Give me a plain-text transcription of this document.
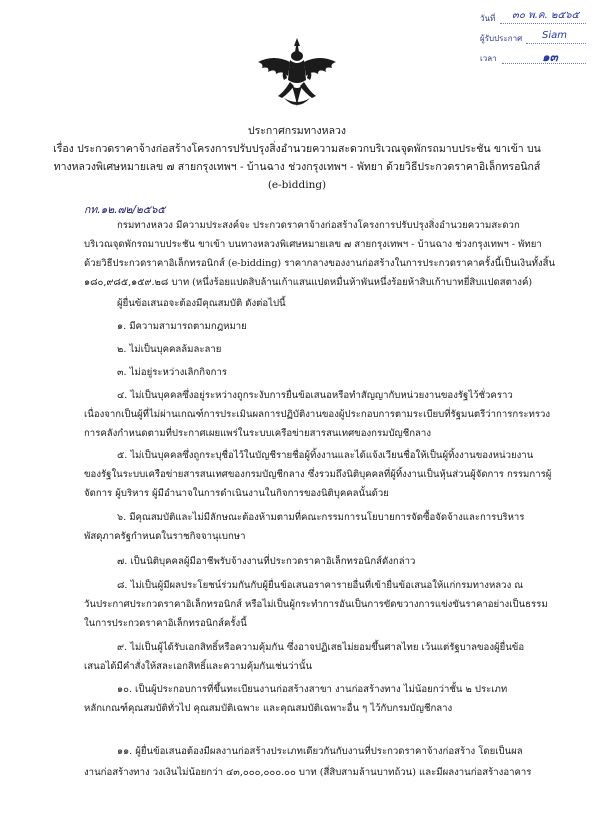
วันที่ ๓๐ พ.ค. ๒๕๖๕
ผู้รับประกาศ Siam
เวลา	๑๓
ประกาศกรมทางหลวง
เรื่อง ประกวดราคาจ้างก่อสร้างโครงการปรับปรุงสิ่งอำนวยความสะดวกบริเวณจุดพักรถมาบประชัน ขาเข้า บน
ทางหลวงพิเศษหมายเลข ๗ สายกรุงเทพฯ - บ้านฉาง ช่วงกรุงเทพฯ - พัทยา ด้วยวิธีประกวดราคาอิเล็กทรอนิกส์
(e-bidding)
กท.๑๒.๗๒/๒๕๖๕
กรมทางหลวง มีความประสงค์จะ ประกวดราคาจ้างก่อสร้างโครงการปรับปรุงสิ่งอำนวยความสะดวก
บริเวณจุดพักรถมาบประชัน ขาเข้า บนทางหลวงพิเศษหมายเลข ๗ สายกรุงเทพฯ - บ้านฉาง ช่วงกรุงเทพฯ - พัทยา
ด้วยวิธีประกวดราคาอิเล็กทรอนิกส์ (e-bidding) ราคากลางของงานก่อสร้างในการประกวดราคาครั้งนี้เป็นเงินทั้งสิ้น
๑๘๐,๙๘๕,๑๕๙.๒๘ บาท (หนึ่งร้อยแปดสิบล้านเก้าแสนแปดหมื่นห้าพันหนึ่งร้อยห้าสิบเก้าบาทยี่สิบแปดสตางค์)
ผู้ยื่นข้อเสนอจะต้องมีคุณสมบัติ ดังต่อไปนี้
๑. มีความสามารถตามกฎหมาย
๒. ไม่เป็นบุคคลล้มละลาย
๓. ไม่อยู่ระหว่างเลิกกิจการ
๔. ไม่เป็นบุคคลซึ่งอยู่ระหว่างถูกระงับการยื่นข้อเสนอหรือทำสัญญากับหน่วยงานของรัฐไว้ชั่วคราว
เนื่องจากเป็นผู้ที่ไม่ผ่านเกณฑ์การประเมินผลการปฏิบัติงานของผู้ประกอบการตามระเบียบที่รัฐมนตรีว่าการกระทรวง
การคลังกำหนดตามที่ประกาศเผยแพร่ในระบบเครือข่ายสารสนเทศของกรมบัญชีกลาง
๕. ไม่เป็นบุคคลซึ่งถูกระบุชื่อไว้ในบัญชีรายชื่อผู้ทิ้งงานและได้แจ้งเวียนชื่อให้เป็นผู้ทิ้งงานของหน่วยงาน
ของรัฐในระบบเครือข่ายสารสนเทศของกรมบัญชีกลาง ซึ่งรวมถึงนิติบุคคลที่ผู้ทิ้งงานเป็นหุ้นส่วนผู้จัดการ กรรมการผู้
จัดการ ผู้บริหาร ผู้มีอำนาจในการดำเนินงานในกิจการของนิติบุคคลนั้นด้วย
๖. มีคุณสมบัติและไม่มีลักษณะต้องห้ามตามที่คณะกรรมการนโยบายการจัดซื้อจัดจ้างและการบริหาร
พัสดุภาครัฐกำหนดในราชกิจจานุเบกษา
๗. เป็นนิติบุคคลผู้มีอาชีพรับจ้างงานที่ประกวดราคาอิเล็กทรอนิกส์ดังกล่าว
๘. ไม่เป็นผู้มีผลประโยชน์ร่วมกันกับผู้ยื่นข้อเสนอราคารายอื่นที่เข้ายื่นข้อเสนอให้แก่กรมทางหลวง ณ
วันประกาศประกวดราคาอิเล็กทรอนิกส์ หรือไม่เป็นผู้กระทำการอันเป็นการขัดขวางการแข่งขันราคาอย่างเป็นธรรม
ในการประกวดราคาอิเล็กทรอนิกส์ครั้งนี้
๙. ไม่เป็นผู้ได้รับเอกสิทธิ์หรือความคุ้มกัน ซึ่งอาจปฏิเสธไม่ยอมขึ้นศาลไทย เว้นแต่รัฐบาลของผู้ยื่นข้อ
เสนอได้มีคำสั่งให้สละเอกสิทธิ์และความคุ้มกันเช่นว่านั้น
๑๐. เป็นผู้ประกอบการที่ขึ้นทะเบียนงานก่อสร้างสาขา งานก่อสร้างทาง ไม่น้อยกว่าชั้น ๒ ประเภท
หลักเกณฑ์คุณสมบัติทั่วไป คุณสมบัติเฉพาะ และคุณสมบัติเฉพาะอื่น ๆ ไว้กับกรมบัญชีกลาง
๑๑. ผู้ยื่นข้อเสนอต้องมีผลงานก่อสร้างประเภทเดียวกันกับงานที่ประกวดราคาจ้างก่อสร้าง โดยเป็นผล
งานก่อสร้างทาง วงเงินไม่น้อยกว่า ๔๓,๐๐๐,๐๐๐.๐๐ บาท (สี่สิบสามล้านบาทถ้วน) และมีผลงานก่อสร้างอาคาร
